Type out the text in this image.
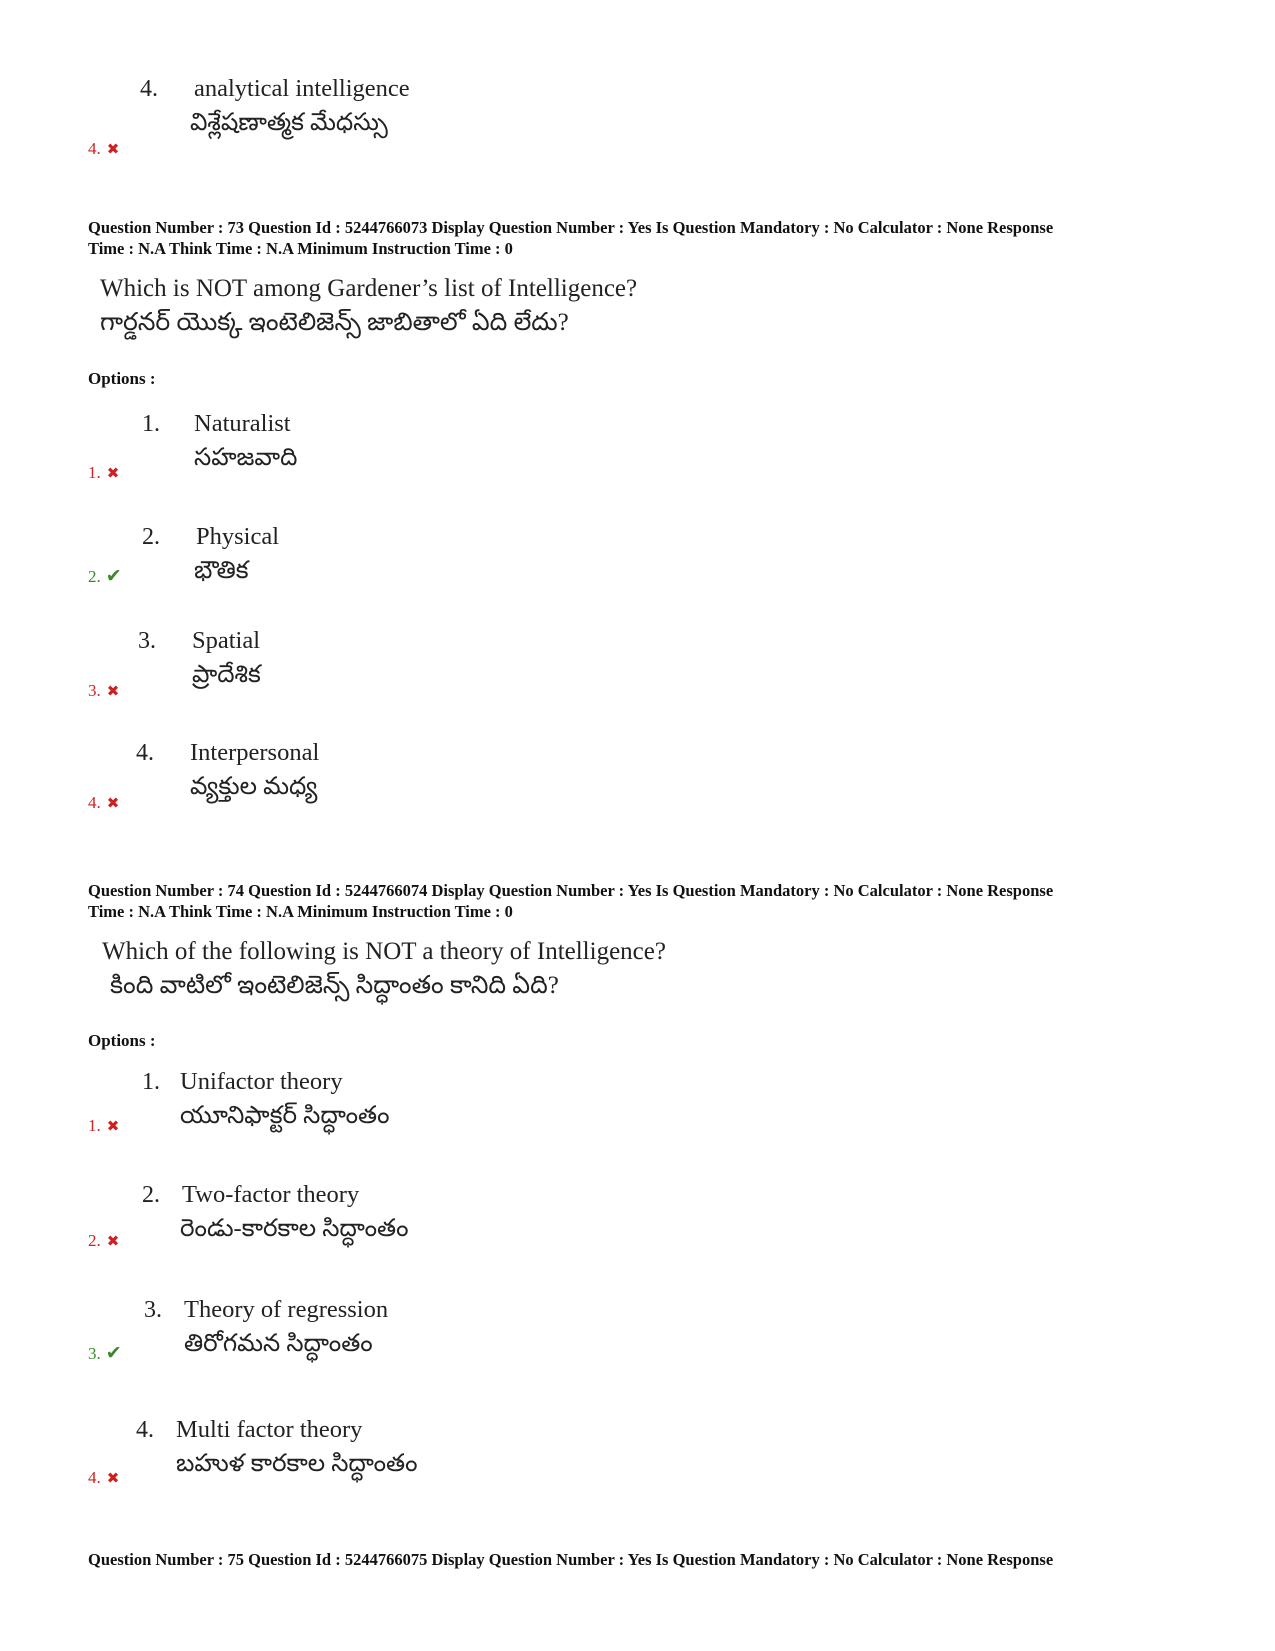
4. analytical intelligence
విశ్లేషణాత్మక మేధస్సు
4. ✖
Question Number : 73 Question Id : 5244766073 Display Question Number : Yes Is Question Mandatory : No Calculator : None Response
Time : N.A Think Time : N.A Minimum Instruction Time : 0
Which is NOT among Gardener’s list of Intelligence?
గార్డనర్ యొక్క ఇంటెలిజెన్స్ జాబితాలో ఏది లేదు?
Options :
1. Naturalist
సహజవాది
1. ✖
2. Physical
భౌతిక
2. ✔
3. Spatial
ప్రాదేశిక
3. ✖
4. Interpersonal
వ్యక్తుల మధ్య
4. ✖
Question Number : 74 Question Id : 5244766074 Display Question Number : Yes Is Question Mandatory : No Calculator : None Response
Time : N.A Think Time : N.A Minimum Instruction Time : 0
Which of the following is NOT a theory of Intelligence?
కింది వాటిలో ఇంటెలిజెన్స్ సిద్ధాంతం కానిది ఏది?
Options :
1. Unifactor theory
యూనిఫాక్టర్ సిద్ధాంతం
1. ✖
2. Two-factor theory
రెండు-కారకాల సిద్ధాంతం
2. ✖
3. Theory of regression
తిరోగమన సిద్ధాంతం
3. ✔
4. Multi factor theory
బహుళ కారకాల సిద్ధాంతం
4. ✖
Question Number : 75 Question Id : 5244766075 Display Question Number : Yes Is Question Mandatory : No Calculator : None Response
